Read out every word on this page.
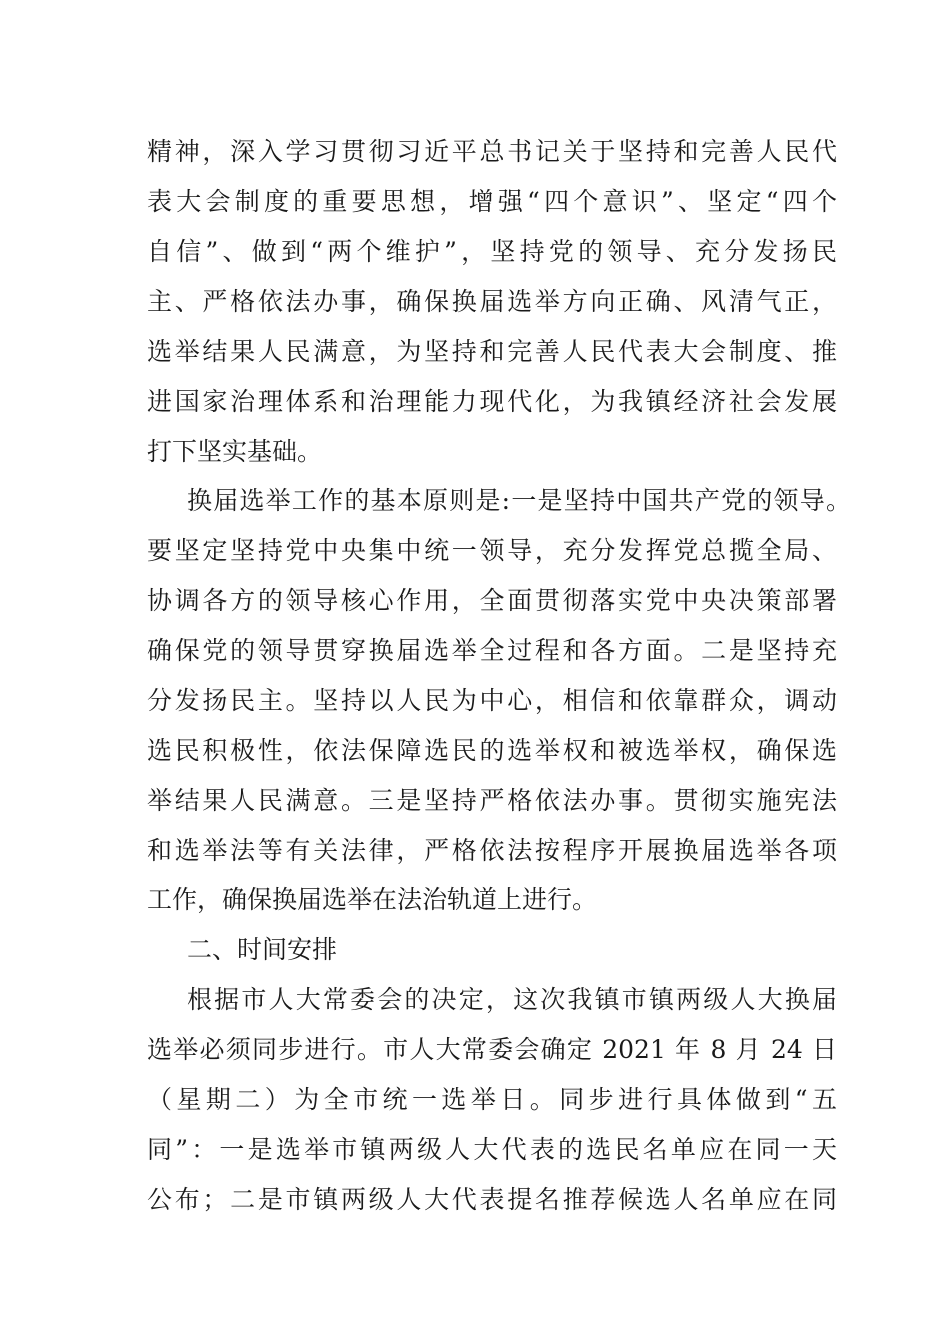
精神，深入学习贯彻习近平总书记关于坚持和完善人民代
表大会制度的重要思想，增强“四个意识”、坚定“四个
自信”、做到“两个维护”，坚持党的领导、充分发扬民
主、严格依法办事，确保换届选举方向正确、风清气正，
选举结果人民满意，为坚持和完善人民代表大会制度、推
进国家治理体系和治理能力现代化，为我镇经济社会发展
打下坚实基础。
换届选举工作的基本原则是:一是坚持中国共产党的领导。
要坚定坚持党中央集中统一领导，充分发挥党总揽全局、
协调各方的领导核心作用，全面贯彻落实党中央决策部署
确保党的领导贯穿换届选举全过程和各方面。二是坚持充
分发扬民主。坚持以人民为中心，相信和依靠群众，调动
选民积极性，依法保障选民的选举权和被选举权，确保选
举结果人民满意。三是坚持严格依法办事。贯彻实施宪法
和选举法等有关法律，严格依法按程序开展换届选举各项
工作，确保换届选举在法治轨道上进行。
二、时间安排
根据市人大常委会的决定，这次我镇市镇两级人大换届
选举必须同步进行。市人大常委会确定 2021 年 8 月 24 日
（星期二）为全市统一选举日。同步进行具体做到“五
同”：一是选举市镇两级人大代表的选民名单应在同一天
公布；二是市镇两级人大代表提名推荐候选人名单应在同
